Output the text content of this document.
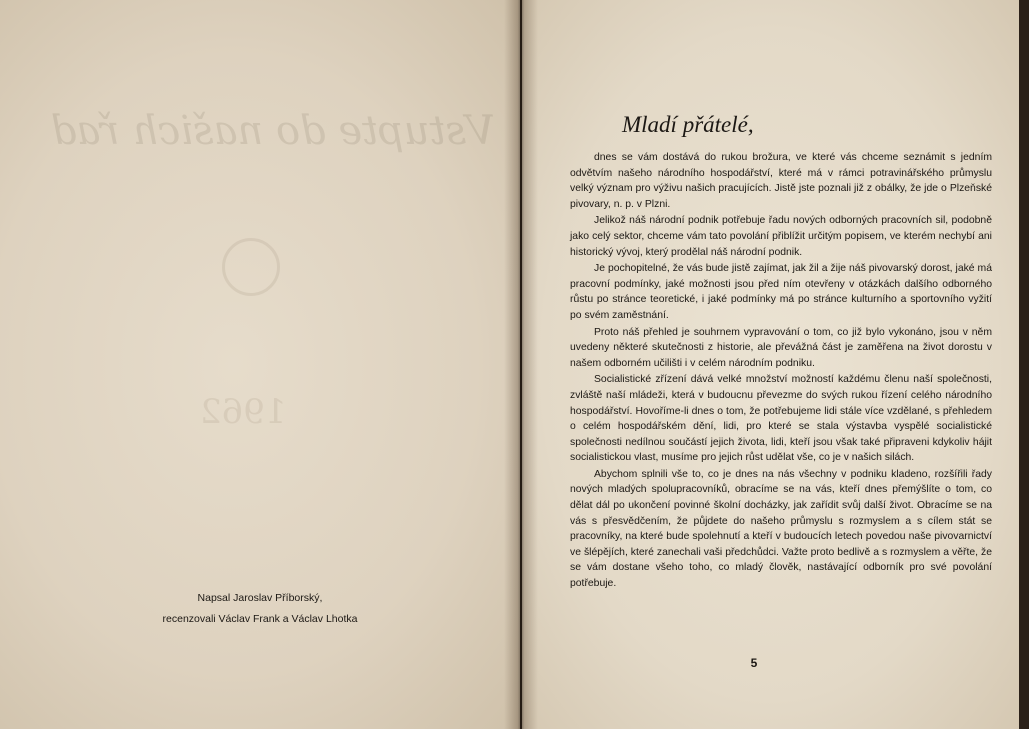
Vstupte do našich řad
1962
Napsal Jaroslav Příborský,
recenzovali Václav Frank a Václav Lhotka
Mladí přátelé,

dnes se vám dostává do rukou brožura, ve které vás chceme seznámit s jedním odvětvím našeho národního hospodářství, které má v rámci potravinářského průmyslu velký význam pro výživu našich pracujících. Jistě jste poznali již z obálky, že jde o Plzeňské pivovary, n. p. v Plzni.

Jelikož náš národní podnik potřebuje řadu nových odborných pracovních sil, podobně jako celý sektor, chceme vám tato povolání přiblížit určitým popisem, ve kterém nechybí ani historický vývoj, který prodělal náš národní podnik.

Je pochopitelné, že vás bude jistě zajímat, jak žil a žije náš pivovarský dorost, jaké má pracovní podmínky, jaké možnosti jsou před ním otevřeny v otázkách dalšího odborného růstu po stránce teoretické, i jaké podmínky má po stránce kulturního a sportovního vyžití po svém zaměstnání.

Proto náš přehled je souhrnem vypravování o tom, co již bylo vykonáno, jsou v něm uvedeny některé skutečnosti z historie, ale převážná část je zaměřena na život dorostu v našem odborném učilišti i v celém národním podniku.

Socialistické zřízení dává velké množství možností každému členu naší společnosti, zvláště naší mládeži, která v budoucnu převezme do svých rukou řízení celého národního hospodářství. Hovoříme-li dnes o tom, že potřebujeme lidi stále více vzdělané, s přehledem o celém hospodářském dění, lidi, pro které se stala výstavba vyspělé socialistické společnosti nedílnou součástí jejich života, lidi, kteří jsou však také připraveni kdykoliv hájit socialistickou vlast, musíme pro jejich růst udělat vše, co je v našich silách.

Abychom splnili vše to, co je dnes na nás všechny v podniku kladeno, rozšířili řady nových mladých spolupracovníků, obracíme se na vás, kteří dnes přemýšlíte o tom, co dělat dál po ukončení povinné školní docházky, jak zařídit svůj další život. Obracíme se na vás s přesvědčením, že půjdete do našeho průmyslu s rozmyslem a s cílem stát se pracovníky, na které bude spolehnutí a kteří v budoucích letech povedou naše pivovarnictví ve šlépějích, které zanechali vaši předchůdci. Važte proto bedlivě a s rozmyslem a věřte, že se vám dostane všeho toho, co mladý člověk, nastávající odborník pro své povolání potřebuje.

5
